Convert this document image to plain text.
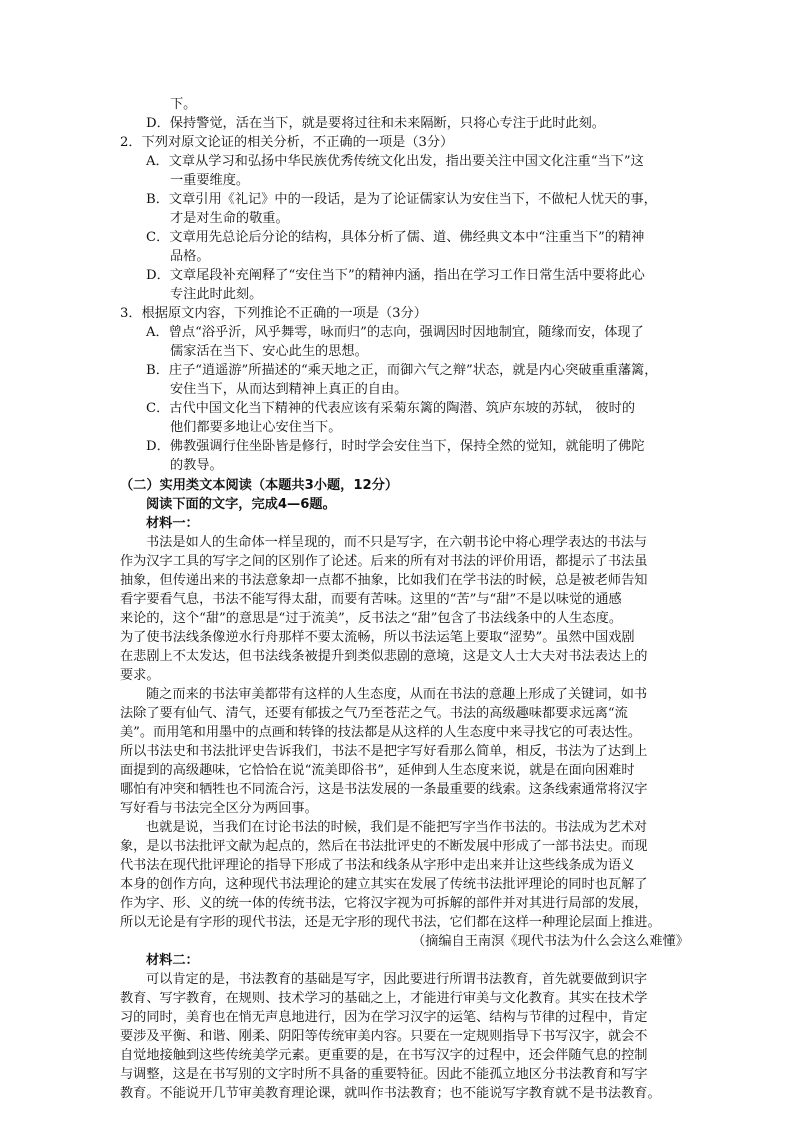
下。
D．保持警觉，活在当下，就是要将过往和未来隔断，只将心专注于此时此刻。
2．下列对原文论证的相关分析，不正确的一项是（3分）
A．文章从学习和弘扬中华民族优秀传统文化出发，指出要关注中国文化注重“当下”这
一重要维度。
B．文章引用《礼记》中的一段话，是为了论证儒家认为安住当下，不做杞人忧天的事，
才是对生命的敬重。
C．文章用先总论后分论的结构，具体分析了儒、道、佛经典文本中“注重当下”的精神
品格。
D．文章尾段补充阐释了“安住当下”的精神内涵，指出在学习工作日常生活中要将此心
专注此时此刻。
3．根据原文内容，下列推论不正确的一项是（3分）
A．曾点“浴乎沂，风乎舞雩，咏而归”的志向，强调因时因地制宜，随缘而安，体现了
儒家活在当下、安心此生的思想。
B．庄子“逍遥游”所描述的“乘天地之正，而御六气之辩”状态，就是内心突破重重藩篱，
安住当下，从而达到精神上真正的自由。
C．古代中国文化当下精神的代表应该有采菊东篱的陶潜、筑庐东坡的苏轼， 彼时的
他们都要多地让心安住当下。
D．佛教强调行住坐卧皆是修行，时时学会安住当下，保持全然的觉知，就能明了佛陀
的教导。
（二）实用类文本阅读（本题共3小题，12分）
阅读下面的文字，完成4—6题。
材料一：
书法是如人的生命体一样呈现的，而不只是写字，在六朝书论中将心理学表达的书法与
作为汉字工具的写字之间的区别作了论述。后来的所有对书法的评价用语，都提示了书法虽
抽象，但传递出来的书法意象却一点都不抽象，比如我们在学书法的时候，总是被老师告知
看字要看气息，书法不能写得太甜，而要有苦味。这里的“苦”与“甜”不是以味觉的通感
来论的，这个“甜”的意思是“过于流美”，反书法之“甜”包含了书法线条中的人生态度。
为了使书法线条像逆水行舟那样不要太流畅，所以书法运笔上要取“涩势”。虽然中国戏剧
在悲剧上不太发达，但书法线条被提升到类似悲剧的意境，这是文人士大夫对书法表达上的
要求。
随之而来的书法审美都带有这样的人生态度，从而在书法的意趣上形成了关键词，如书
法除了要有仙气、清气，还要有郁拔之气乃至苍茫之气。书法的高级趣味都要求远离“流
美”。而用笔和用墨中的点画和转锋的技法都是从这样的人生态度中来寻找它的可表达性。
所以书法史和书法批评史告诉我们，书法不是把字写好看那么简单，相反，书法为了达到上
面提到的高级趣味，它恰恰在说“流美即俗书”，延伸到人生态度来说，就是在面向困难时
哪怕有冲突和牺牲也不同流合污，这是书法发展的一条最重要的线索。这条线索通常将汉字
写好看与书法完全区分为两回事。
也就是说，当我们在讨论书法的时候，我们是不能把写字当作书法的。书法成为艺术对
象，是以书法批评文献为起点的，然后在书法批评史的不断发展中形成了一部书法史。而现
代书法在现代批评理论的指导下形成了书法和线条从字形中走出来并让这些线条成为语义
本身的创作方向，这种现代书法理论的建立其实在发展了传统书法批评理论的同时也瓦解了
作为字、形、义的统一体的传统书法，它将汉字视为可拆解的部件并对其进行局部的发展，
所以无论是有字形的现代书法，还是无字形的现代书法，它们都在这样一种理论层面上推进。
（摘编自王南溟《现代书法为什么会这么难懂》
材料二：
可以肯定的是，书法教育的基础是写字，因此要进行所谓书法教育，首先就要做到识字
教育、写字教育，在规则、技术学习的基础之上，才能进行审美与文化教育。其实在技术学
习的同时，美育也在悄无声息地进行，因为在学习汉字的运笔、结构与节律的过程中，肯定
要涉及平衡、和谐、刚柔、阴阳等传统审美内容。只要在一定规则指导下书写汉字，就会不
自觉地接触到这些传统美学元素。更重要的是，在书写汉字的过程中，还会伴随气息的控制
与调整，这是在书写别的文字时所不具备的重要特征。因此不能孤立地区分书法教育和写字
教育。不能说开几节审美教育理论课，就叫作书法教育；也不能说写字教育就不是书法教育。
